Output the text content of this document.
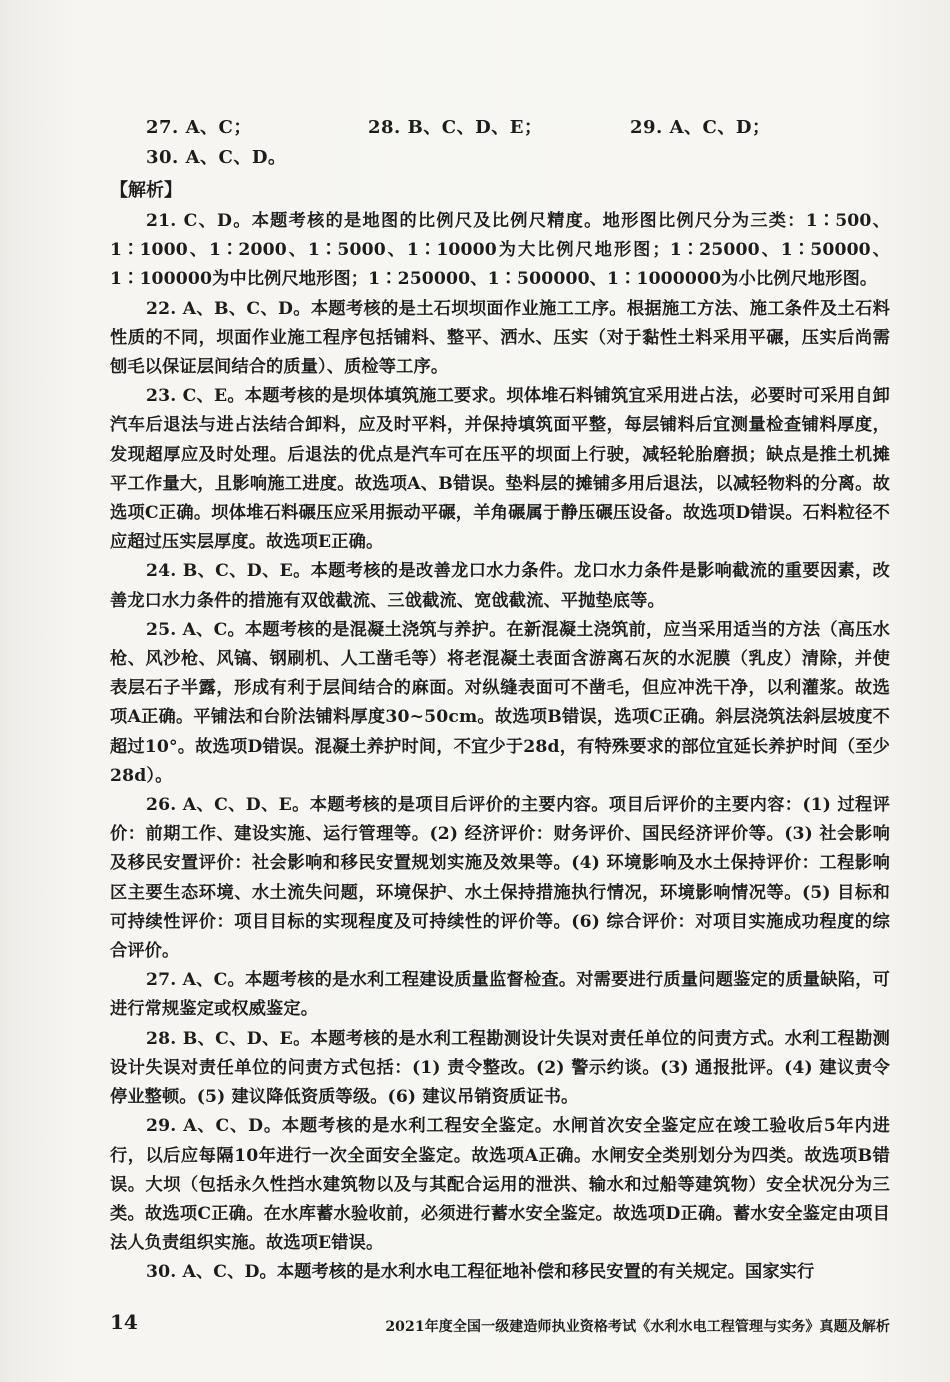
27. A、C；	28. B、C、D、E；	29. A、C、D；
30. A、C、D。
【解析】

21. C、D。本题考核的是地图的比例尺及比例尺精度。地形图比例尺分为三类：1∶500、1∶1000、1∶2000、1∶5000、1∶10000为大比例尺地形图；1∶25000、1∶50000、1∶100000为中比例尺地形图；1∶250000、1∶500000、1∶1000000为小比例尺地形图。

22. A、B、C、D。本题考核的是土石坝坝面作业施工工序。根据施工方法、施工条件及土石料性质的不同，坝面作业施工程序包括铺料、整平、洒水、压实（对于黏性土料采用平碾，压实后尚需刨毛以保证层间结合的质量）、质检等工序。

23. C、E。本题考核的是坝体填筑施工要求。坝体堆石料铺筑宜采用进占法，必要时可采用自卸汽车后退法与进占法结合卸料，应及时平料，并保持填筑面平整，每层铺料后宜测量检查铺料厚度，发现超厚应及时处理。后退法的优点是汽车可在压平的坝面上行驶，减轻轮胎磨损；缺点是推土机摊平工作量大，且影响施工进度。故选项A、B错误。垫料层的摊铺多用后退法，以减轻物料的分离。故选项C正确。坝体堆石料碾压应采用振动平碾，羊角碾属于静压碾压设备。故选项D错误。石料粒径不应超过压实层厚度。故选项E正确。

24. B、C、D、E。本题考核的是改善龙口水力条件。龙口水力条件是影响截流的重要因素，改善龙口水力条件的措施有双戗截流、三戗截流、宽戗截流、平抛垫底等。

25. A、C。本题考核的是混凝土浇筑与养护。在新混凝土浇筑前，应当采用适当的方法（高压水枪、风沙枪、风镐、钢刷机、人工凿毛等）将老混凝土表面含游离石灰的水泥膜（乳皮）清除，并使表层石子半露，形成有利于层间结合的麻面。对纵缝表面可不凿毛，但应冲洗干净，以利灌浆。故选项A正确。平铺法和台阶法铺料厚度30~50cm。故选项B错误，选项C正确。斜层浇筑法斜层坡度不超过10°。故选项D错误。混凝土养护时间，不宜少于28d，有特殊要求的部位宜延长养护时间（至少28d）。

26. A、C、D、E。本题考核的是项目后评价的主要内容。项目后评价的主要内容：(1) 过程评价：前期工作、建设实施、运行管理等。(2) 经济评价：财务评价、国民经济评价等。(3) 社会影响及移民安置评价：社会影响和移民安置规划实施及效果等。(4) 环境影响及水土保持评价：工程影响区主要生态环境、水土流失问题，环境保护、水土保持措施执行情况，环境影响情况等。(5) 目标和可持续性评价：项目目标的实现程度及可持续性的评价等。(6) 综合评价：对项目实施成功程度的综合评价。

27. A、C。本题考核的是水利工程建设质量监督检查。对需要进行质量问题鉴定的质量缺陷，可进行常规鉴定或权威鉴定。

28. B、C、D、E。本题考核的是水利工程勘测设计失误对责任单位的问责方式。水利工程勘测设计失误对责任单位的问责方式包括：(1) 责令整改。(2) 警示约谈。(3) 通报批评。(4) 建议责令停业整顿。(5) 建议降低资质等级。(6) 建议吊销资质证书。

29. A、C、D。本题考核的是水利工程安全鉴定。水闸首次安全鉴定应在竣工验收后5年内进行，以后应每隔10年进行一次全面安全鉴定。故选项A正确。水闸安全类别划分为四类。故选项B错误。大坝（包括永久性挡水建筑物以及与其配合运用的泄洪、输水和过船等建筑物）安全状况分为三类。故选项C正确。在水库蓄水验收前，必须进行蓄水安全鉴定。故选项D正确。蓄水安全鉴定由项目法人负责组织实施。故选项E错误。

30. A、C、D。本题考核的是水利水电工程征地补偿和移民安置的有关规定。国家实行

14	2021年度全国一级建造师执业资格考试《水利水电工程管理与实务》真题及解析
